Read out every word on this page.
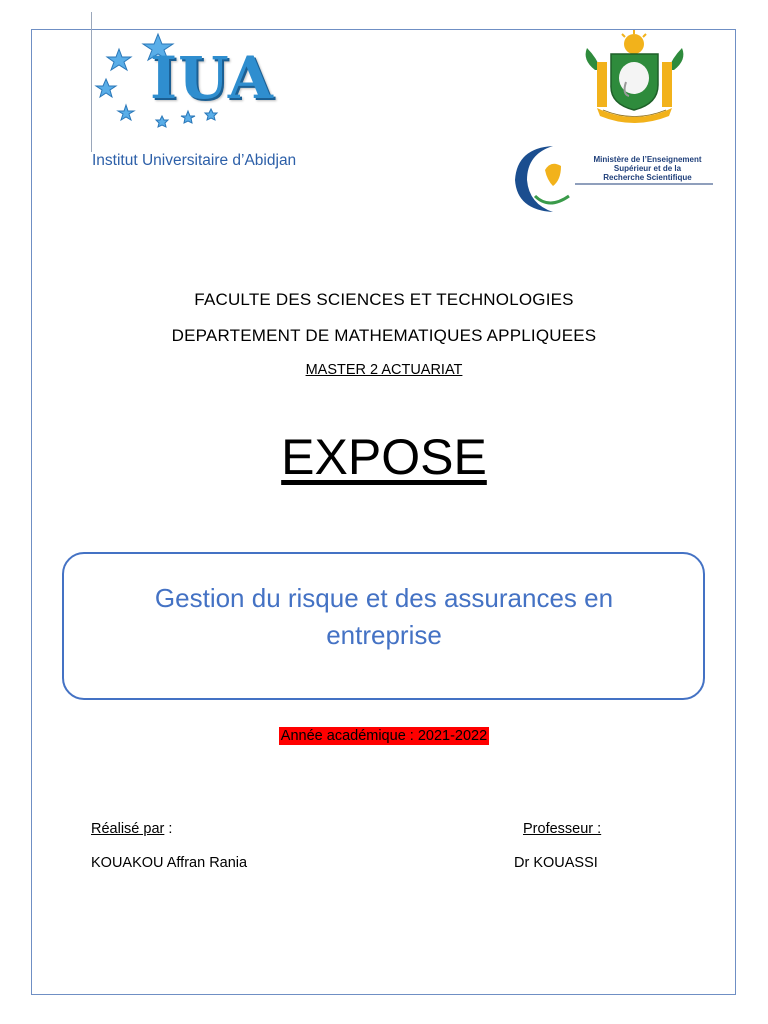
IUA
Institut Universitaire d’Abidjan	Ministère de l’Enseignement
Supérieur et de la
Recherche Scientifique
FACULTE DES SCIENCES ET TECHNOLOGIES
DEPARTEMENT DE MATHEMATIQUES APPLIQUEES
MASTER 2 ACTUARIAT
EXPOSE
Gestion du risque et des assurances en entreprise
Année académique : 2021-2022
Réalisé par :	Professeur :
KOUAKOU Affran Rania	Dr KOUASSI
